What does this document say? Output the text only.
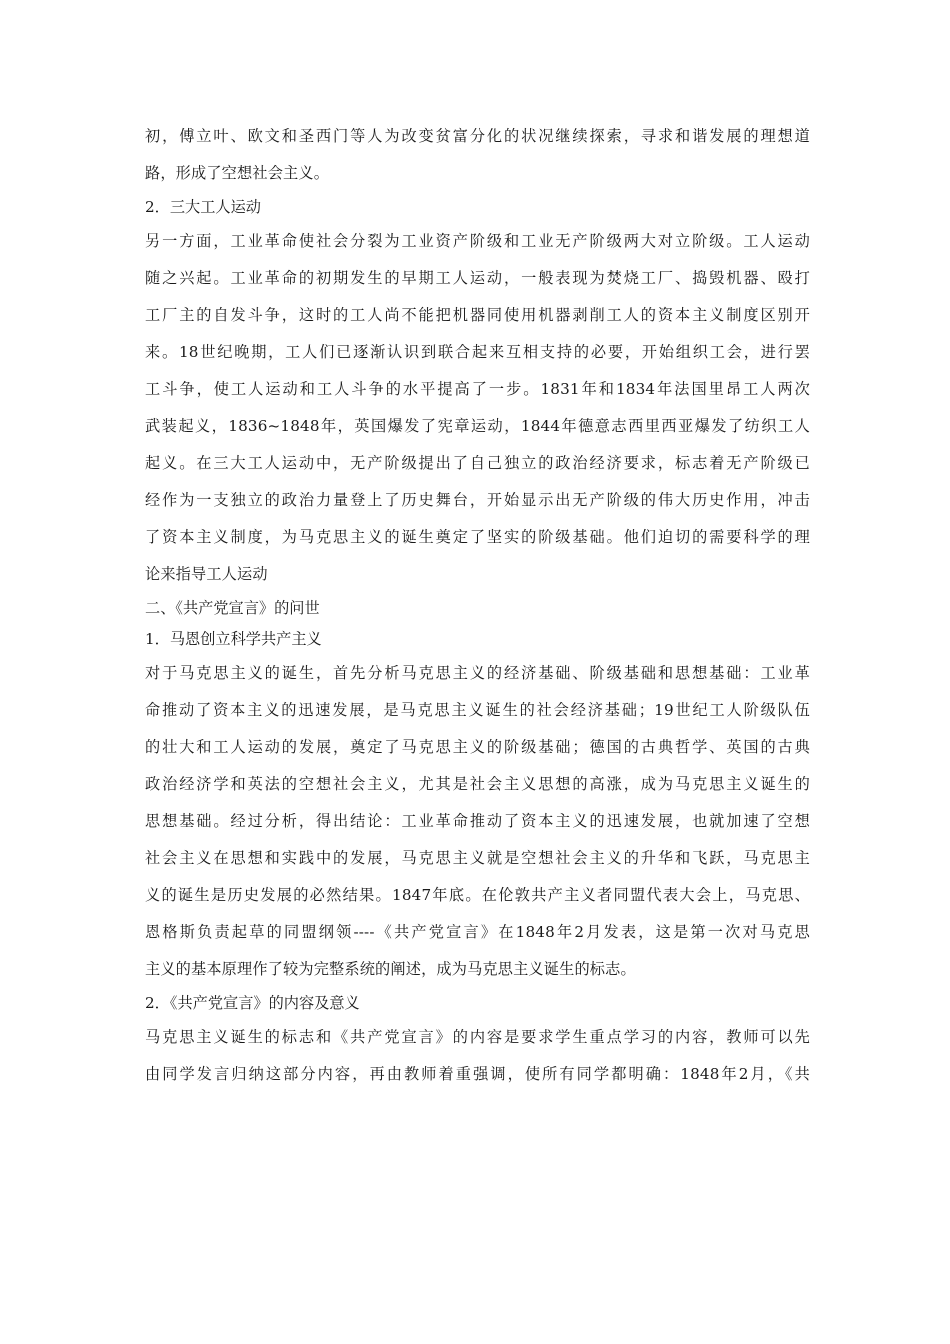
初，傅立叶、欧文和圣西门等人为改变贫富分化的状况继续探索，寻求和谐发展的理想道
路，形成了空想社会主义。
2．三大工人运动
另一方面，工业革命使社会分裂为工业资产阶级和工业无产阶级两大对立阶级。工人运动
随之兴起。工业革命的初期发生的早期工人运动，一般表现为焚烧工厂、捣毁机器、殴打
工厂主的自发斗争，这时的工人尚不能把机器同使用机器剥削工人的资本主义制度区别开
来。18世纪晚期，工人们已逐渐认识到联合起来互相支持的必要，开始组织工会，进行罢
工斗争，使工人运动和工人斗争的水平提高了一步。1831年和1834年法国里昂工人两次
武装起义，1836~1848年，英国爆发了宪章运动，1844年德意志西里西亚爆发了纺织工人
起义。在三大工人运动中，无产阶级提出了自己独立的政治经济要求，标志着无产阶级已
经作为一支独立的政治力量登上了历史舞台，开始显示出无产阶级的伟大历史作用，冲击
了资本主义制度，为马克思主义的诞生奠定了坚实的阶级基础。他们迫切的需要科学的理
论来指导工人运动
二、《共产党宣言》的问世
1．马恩创立科学共产主义
对于马克思主义的诞生，首先分析马克思主义的经济基础、阶级基础和思想基础：工业革
命推动了资本主义的迅速发展，是马克思主义诞生的社会经济基础；19世纪工人阶级队伍
的壮大和工人运动的发展，奠定了马克思主义的阶级基础；德国的古典哲学、英国的古典
政治经济学和英法的空想社会主义，尤其是社会主义思想的高涨，成为马克思主义诞生的
思想基础。经过分析，得出结论：工业革命推动了资本主义的迅速发展，也就加速了空想
社会主义在思想和实践中的发展，马克思主义就是空想社会主义的升华和飞跃，马克思主
义的诞生是历史发展的必然结果。1847年底。在伦敦共产主义者同盟代表大会上，马克思、
恩格斯负责起草的同盟纲领----《共产党宣言》在1848年2月发表，这是第一次对马克思
主义的基本原理作了较为完整系统的阐述，成为马克思主义诞生的标志。
2．《共产党宣言》的内容及意义
马克思主义诞生的标志和《共产党宣言》的内容是要求学生重点学习的内容，教师可以先
由同学发言归纳这部分内容，再由教师着重强调，使所有同学都明确：1848年2月，《共
